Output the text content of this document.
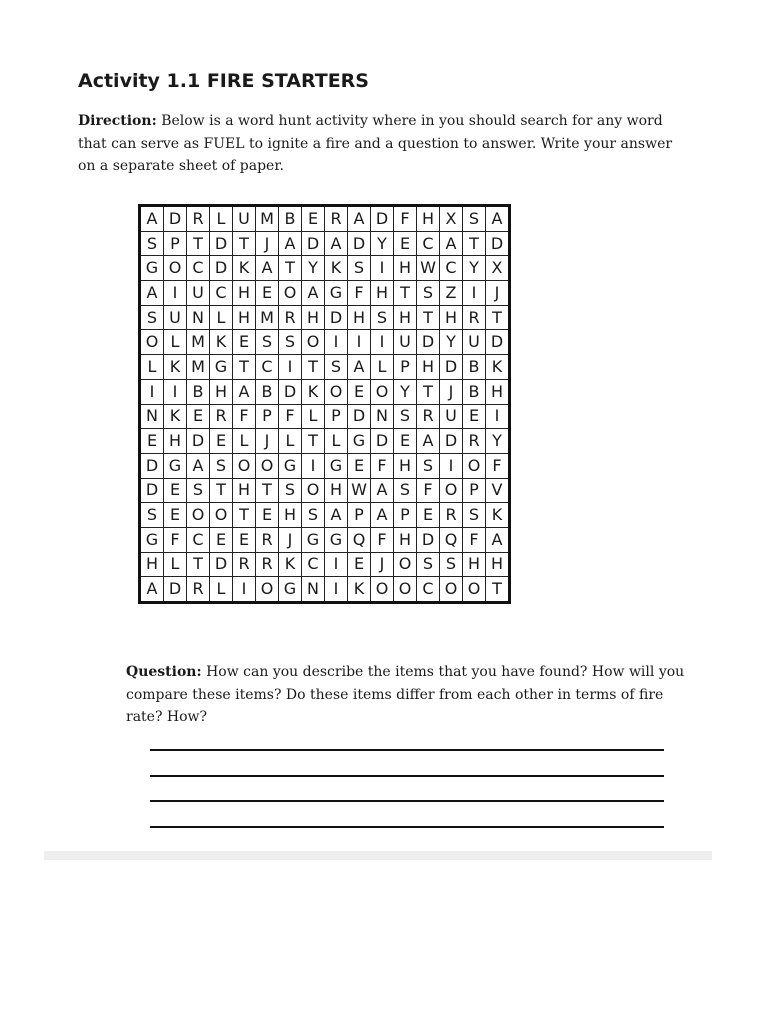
Activity 1.1 FIRE STARTERS
Direction: Below is a word hunt activity where in you should search for any word that can serve as FUEL to ignite a fire and a question to answer. Write your answer on a separate sheet of paper.
A	D	R	L	U	M	B	E	R	A	D	F	H	X	S	A
S	P	T	D	T	J	A	D	A	D	Y	E	C	A	T	D
G	O	C	D	K	A	T	Y	K	S	I	H	W	C	Y	X
A	I	U	C	H	E	O	A	G	F	H	T	S	Z	I	J
S	U	N	L	H	M	R	H	D	H	S	H	T	H	R	T
O	L	M	K	E	S	S	O	I	I	I	U	D	Y	U	D
L	K	M	G	T	C	I	T	S	A	L	P	H	D	B	K
I	I	B	H	A	B	D	K	O	E	O	Y	T	J	B	H
N	K	E	R	F	P	F	L	P	D	N	S	R	U	E	I
E	H	D	E	L	J	L	T	L	G	D	E	A	D	R	Y
D	G	A	S	O	O	G	I	G	E	F	H	S	I	O	F
D	E	S	T	H	T	S	O	H	W	A	S	F	O	P	V
S	E	O	O	T	E	H	S	A	P	A	P	E	R	S	K
G	F	C	E	E	R	J	G	G	Q	F	H	D	Q	F	A
H	L	T	D	R	R	K	C	I	E	J	O	S	S	H	H
A	D	R	L	I	O	G	N	I	K	O	O	C	O	O	T
Question: How can you describe the items that you have found? How will you compare these items? Do these items differ from each other in terms of fire rate? How?
